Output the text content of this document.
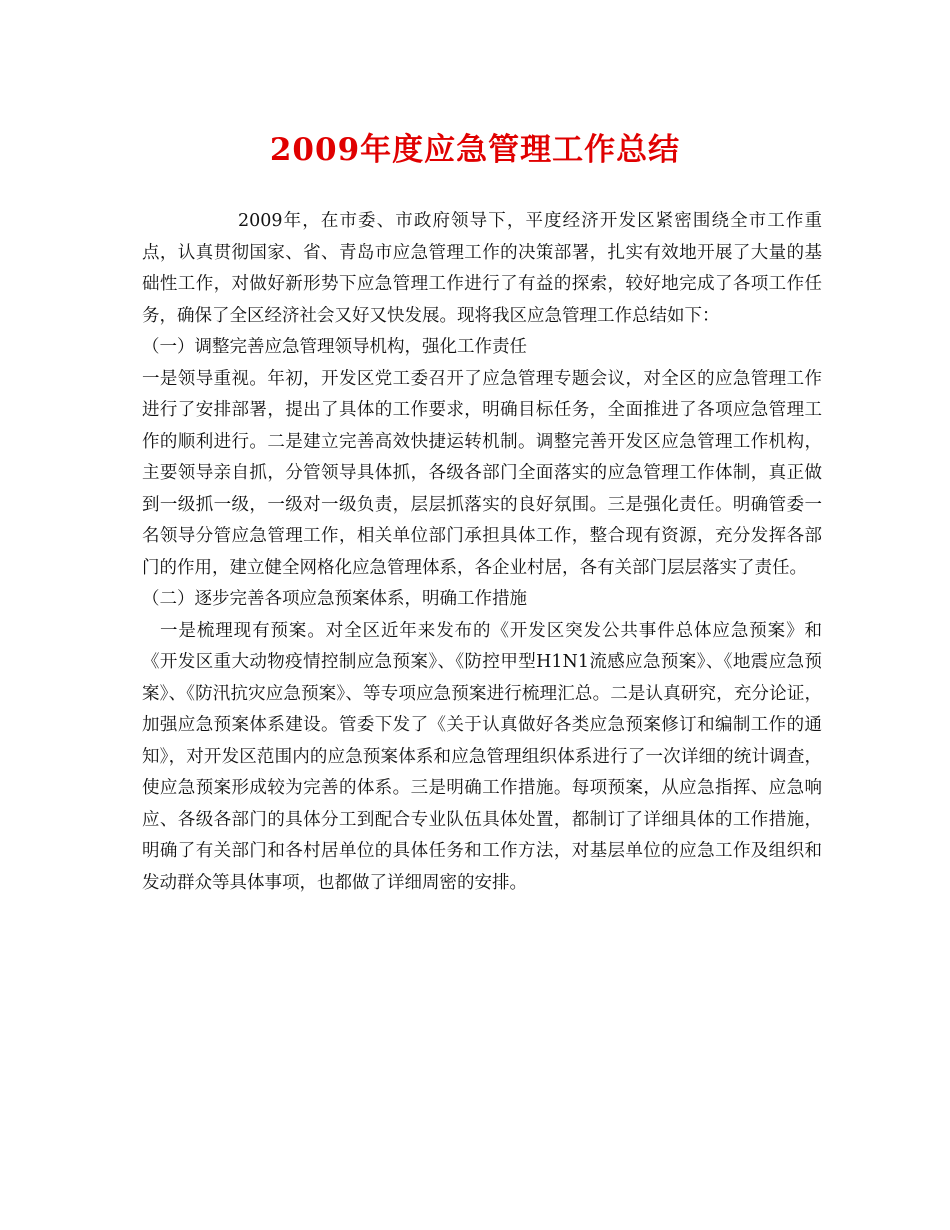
2009年度应急管理工作总结

2009年，在市委、市政府领导下，平度经济开发区紧密围绕全市工作重点，认真贯彻国家、省、青岛市应急管理工作的决策部署，扎实有效地开展了大量的基础性工作，对做好新形势下应急管理工作进行了有益的探索，较好地完成了各项工作任务，确保了全区经济社会又好又快发展。现将我区应急管理工作总结如下：

（一）调整完善应急管理领导机构，强化工作责任

一是领导重视。年初，开发区党工委召开了应急管理专题会议，对全区的应急管理工作进行了安排部署，提出了具体的工作要求，明确目标任务，全面推进了各项应急管理工作的顺利进行。二是建立完善高效快捷运转机制。调整完善开发区应急管理工作机构，主要领导亲自抓，分管领导具体抓，各级各部门全面落实的应急管理工作体制，真正做到一级抓一级，一级对一级负责，层层抓落实的良好氛围。三是强化责任。明确管委一名领导分管应急管理工作，相关单位部门承担具体工作，整合现有资源，充分发挥各部门的作用，建立健全网格化应急管理体系，各企业村居，各有关部门层层落实了责任。

（二）逐步完善各项应急预案体系，明确工作措施

一是梳理现有预案。对全区近年来发布的《开发区突发公共事件总体应急预案》和《开发区重大动物疫情控制应急预案》、《防控甲型H1N1流感应急预案》、《地震应急预案》、《防汛抗灾应急预案》、等专项应急预案进行梳理汇总。二是认真研究，充分论证，加强应急预案体系建设。管委下发了《关于认真做好各类应急预案修订和编制工作的通知》，对开发区范围内的应急预案体系和应急管理组织体系进行了一次详细的统计调查，使应急预案形成较为完善的体系。三是明确工作措施。每项预案，从应急指挥、应急响应、各级各部门的具体分工到配合专业队伍具体处置，都制订了详细具体的工作措施，明确了有关部门和各村居单位的具体任务和工作方法，对基层单位的应急工作及组织和发动群众等具体事项，也都做了详细周密的安排。
